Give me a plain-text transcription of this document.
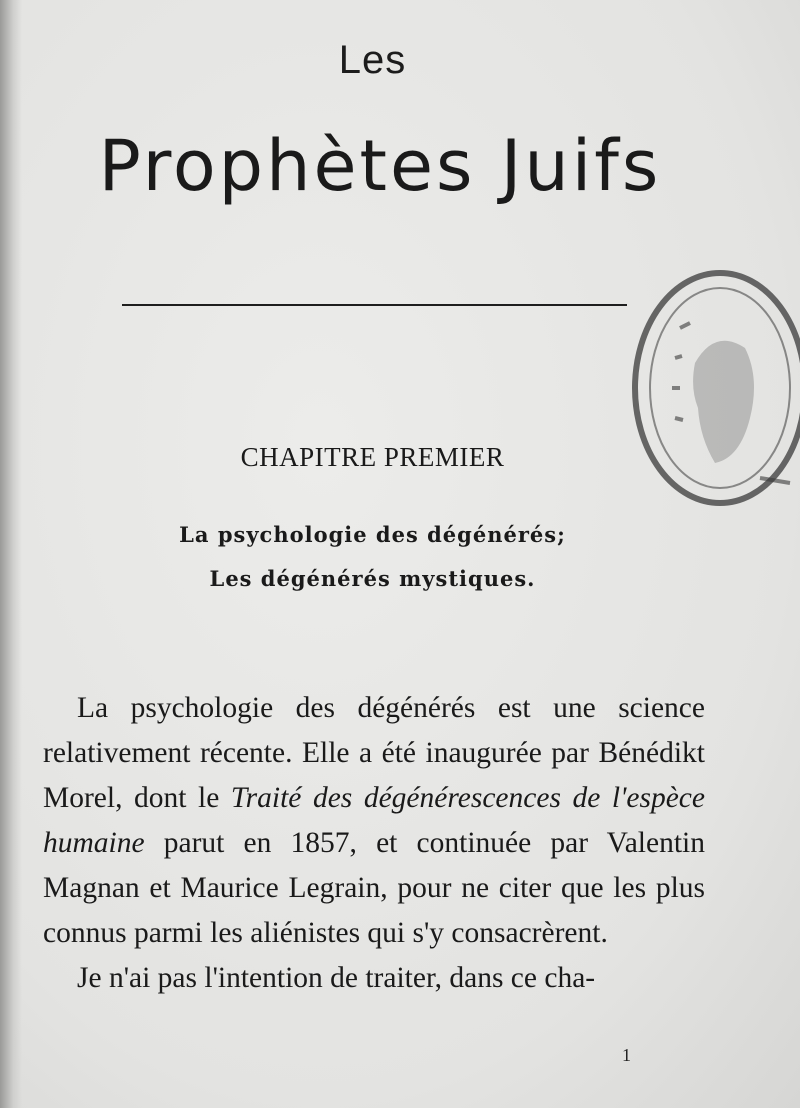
Les
Prophètes Juifs
CHAPITRE PREMIER
La psychologie des dégénérés;
Les dégénérés mystiques.

La psychologie des dégénérés est une science relativement récente. Elle a été inaugurée par Bénédikt Morel, dont le Traité des dégénérescences de l'espèce humaine parut en 1857, et continuée par Valentin Magnan et Maurice Legrain, pour ne citer que les plus connus parmi les aliénistes qui s'y consacrèrent.

Je n'ai pas l'intention de traiter, dans ce cha-

1
